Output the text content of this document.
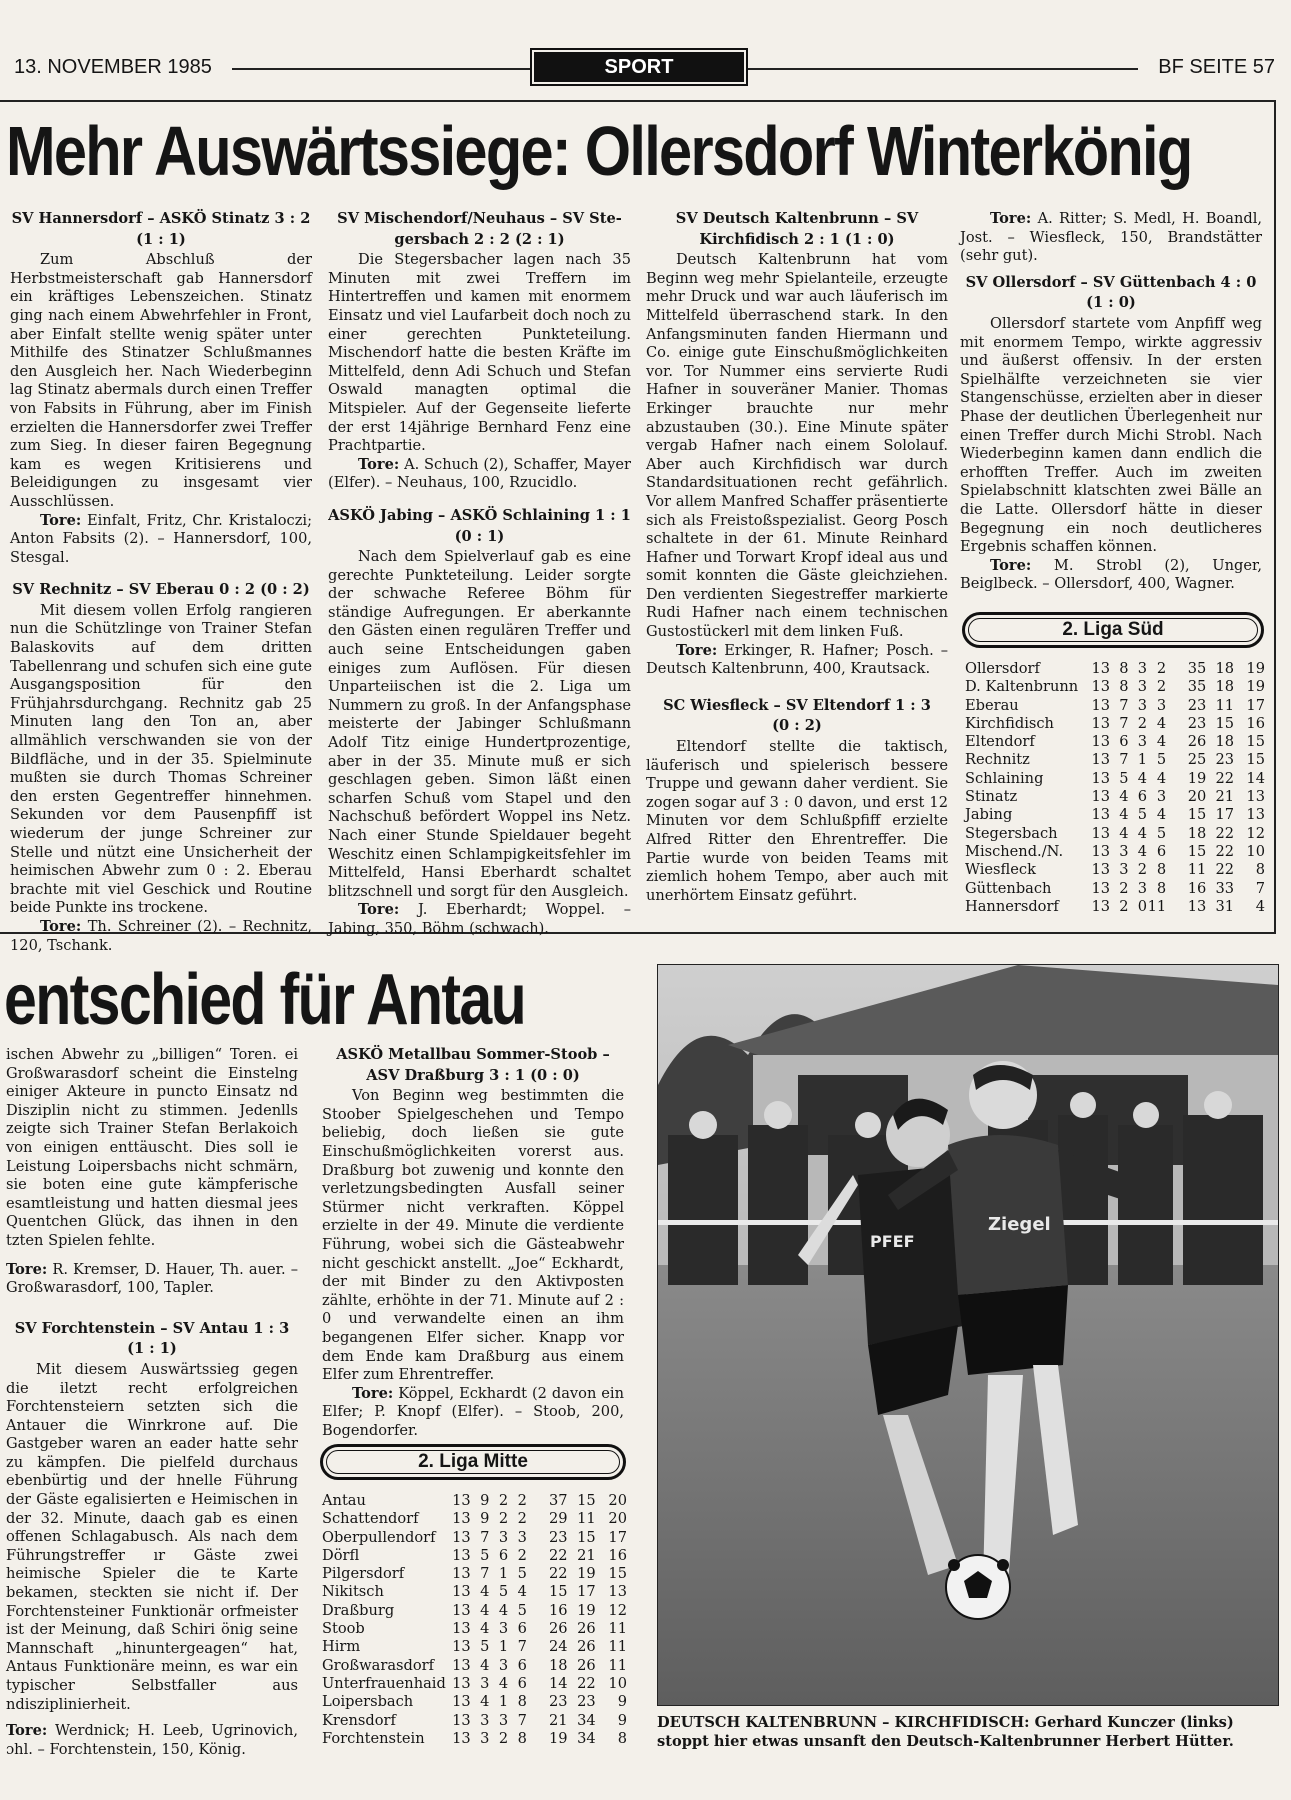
13. NOVEMBER 1985	SPORT	BF SEITE 57
Mehr Auswärtssiege: Ollersdorf Winterkönig

SV Hannersdorf – ASKÖ Stinatz 3 : 2

(1 : 1)

Zum Abschluß der Herbstmeisterschaft gab Hannersdorf ein kräftiges Lebenszeichen. Stinatz ging nach einem Abwehrfehler in Front, aber Einfalt stellte wenig später unter Mithilfe des Stinatzer Schlußmannes den Ausgleich her. Nach Wiederbeginn lag Stinatz abermals durch einen Treffer von Fabsits in Führung, aber im Finish erzielten die Hannersdorfer zwei Treffer zum Sieg. In dieser fairen Begegnung kam es wegen Kritisierens und Beleidigungen zu insgesamt vier Ausschlüssen.

Tore: Einfalt, Fritz, Chr. Kristaloczi; Anton Fabsits (2). – Hannersdorf, 100, Stesgal.

SV Rechnitz – SV Eberau 0 : 2 (0 : 2)

Mit diesem vollen Erfolg rangieren nun die Schützlinge von Trainer Stefan Balaskovits auf dem dritten Tabellenrang und schufen sich eine gute Ausgangsposition für den Frühjahrsdurchgang. Rechnitz gab 25 Minuten lang den Ton an, aber allmählich verschwanden sie von der Bildfläche, und in der 35. Spielminute mußten sie durch Thomas Schreiner den ersten Gegentreffer hinnehmen. Sekunden vor dem Pausenpfiff ist wiederum der junge Schreiner zur Stelle und nützt eine Unsicherheit der heimischen Abwehr zum 0 : 2. Eberau brachte mit viel Geschick und Routine beide Punkte ins trockene.

Tore: Th. Schreiner (2). – Rechnitz, 120, Tschank.

SV Mischendorf/Neuhaus – SV Ste-

gersbach 2 : 2 (2 : 1)

Die Stegersbacher lagen nach 35 Minuten mit zwei Treffern im Hintertreffen und kamen mit enormem Einsatz und viel Laufarbeit doch noch zu einer gerechten Punkteteilung. Mischendorf hatte die besten Kräfte im Mittelfeld, denn Adi Schuch und Stefan Oswald managten optimal die Mitspieler. Auf der Gegenseite lieferte der erst 14jährige Bernhard Fenz eine Prachtpartie.

Tore: A. Schuch (2), Schaffer, Mayer (Elfer). – Neuhaus, 100, Rzucidlo.

ASKÖ Jabing – ASKÖ Schlaining 1 : 1

(0 : 1)

Nach dem Spielverlauf gab es eine gerechte Punkteteilung. Leider sorgte der schwache Referee Böhm für ständige Aufregungen. Er aberkannte den Gästen einen regulären Treffer und auch seine Entscheidungen gaben einiges zum Auflösen. Für diesen Unparteiischen ist die 2. Liga um Nummern zu groß. In der Anfangsphase meisterte der Jabinger Schlußmann Adolf Titz einige Hundertprozentige, aber in der 35. Minute muß er sich geschlagen geben. Simon läßt einen scharfen Schuß vom Stapel und den Nachschuß befördert Woppel ins Netz. Nach einer Stunde Spieldauer begeht Weschitz einen Schlampigkeitsfehler im Mittelfeld, Hansi Eberhardt schaltet blitzschnell und sorgt für den Ausgleich.

Tore: J. Eberhardt; Woppel. – Jabing, 350, Böhm (schwach).

SV Deutsch Kaltenbrunn – SV

Kirchfidisch 2 : 1 (1 : 0)

Deutsch Kaltenbrunn hat vom Beginn weg mehr Spielanteile, erzeugte mehr Druck und war auch läuferisch im Mittelfeld überraschend stark. In den Anfangsminuten fanden Hiermann und Co. einige gute Einschußmöglichkeiten vor. Tor Nummer eins servierte Rudi Hafner in souveräner Manier. Thomas Erkinger brauchte nur mehr abzustauben (30.). Eine Minute später vergab Hafner nach einem Sololauf. Aber auch Kirchfidisch war durch Standardsituationen recht gefährlich. Vor allem Manfred Schaffer präsentierte sich als Freistoßspezialist. Georg Posch schaltete in der 61. Minute Reinhard Hafner und Torwart Kropf ideal aus und somit konnten die Gäste gleichziehen. Den verdienten Siegestreffer markierte Rudi Hafner nach einem technischen Gustostückerl mit dem linken Fuß.

Tore: Erkinger, R. Hafner; Posch. – Deutsch Kaltenbrunn, 400, Krautsack.

SC Wiesfleck – SV Eltendorf 1 : 3

(0 : 2)

Eltendorf stellte die taktisch, läuferisch und spielerisch bessere Truppe und gewann daher verdient. Sie zogen sogar auf 3 : 0 davon, und erst 12 Minuten vor dem Schlußpfiff erzielte Alfred Ritter den Ehrentreffer. Die Partie wurde von beiden Teams mit ziemlich hohem Tempo, aber auch mit unerhörtem Einsatz geführt.

Tore: A. Ritter; S. Medl, H. Boandl, Jost. – Wiesfleck, 150, Brandstätter (sehr gut).

SV Ollersdorf – SV Güttenbach 4 : 0

(1 : 0)

Ollersdorf startete vom Anpfiff weg mit enormem Tempo, wirkte aggressiv und äußerst offensiv. In der ersten Spielhälfte verzeichneten sie vier Stangenschüsse, erzielten aber in dieser Phase der deutlichen Überlegenheit nur einen Treffer durch Michi Strobl. Nach Wiederbeginn kamen dann endlich die erhofften Treffer. Auch im zweiten Spielabschnitt klatschten zwei Bälle an die Latte. Ollersdorf hätte in dieser Begegnung ein noch deutlicheres Ergebnis schaffen können.

Tore: M. Strobl (2), Unger, Beiglbeck. – Ollersdorf, 400, Wagner.

2. Liga Süd
Ollersdorf	13	8	3	2	35	18	19
D. Kaltenbrunn	13	8	3	2	35	18	19
Eberau	13	7	3	3	23	11	17
Kirchfidisch	13	7	2	4	23	15	16
Eltendorf	13	6	3	4	26	18	15
Rechnitz	13	7	1	5	25	23	15
Schlaining	13	5	4	4	19	22	14
Stinatz	13	4	6	3	20	21	13
Jabing	13	4	5	4	15	17	13
Stegersbach	13	4	4	5	18	22	12
Mischend./N.	13	3	4	6	15	22	10
Wiesfleck	13	3	2	8	11	22	8
Güttenbach	13	2	3	8	16	33	7
Hannersdorf	13	2	0	11	13	31	4
entschied für Antau

ischen Abwehr zu „billigen“ Toren. ei Großwarasdorf scheint die Einstelng einiger Akteure in puncto Einsatz nd Disziplin nicht zu stimmen. Jedenlls zeigte sich Trainer Stefan Berlakoich von einigen enttäuscht. Dies soll ie Leistung Loipersbachs nicht schmärn, sie boten eine gute kämpferische esamtleistung und hatten diesmal jees Quentchen Glück, das ihnen in den tzten Spielen fehlte.

Tore: R. Kremser, D. Hauer, Th. auer. – Großwarasdorf, 100, Tapler.

SV Forchtenstein – SV Antau 1 : 3

(1 : 1)

Mit diesem Auswärtssieg gegen die iletzt recht erfolgreichen Forchtensteiern setzten sich die Antauer die Winrkrone auf. Die Gastgeber waren an eader hatte sehr zu kämpfen. Die pielfeld durchaus ebenbürtig und der hnelle Führung der Gäste egalisierten e Heimischen in der 32. Minute, daach gab es einen offenen Schlagabusch. Als nach dem Führungstreffer ır Gäste zwei heimische Spieler die te Karte bekamen, steckten sie nicht if. Der Forchtensteiner Funktionär orfmeister ist der Meinung, daß Schiri önig seine Mannschaft „hinuntergeagen“ hat, Antaus Funktionäre meinn, es war ein typischer Selbstfaller aus ndisziplinierheit.

Tore: Werdnick; H. Leeb, Ugrinovich, ɔhl. – Forchtenstein, 150, König.

ASKÖ Metallbau Sommer-Stoob –

ASV Draßburg 3 : 1 (0 : 0)

Von Beginn weg bestimmten die Stoober Spielgeschehen und Tempo beliebig, doch ließen sie gute Einschußmöglichkeiten vorerst aus. Draßburg bot zuwenig und konnte den verletzungsbedingten Ausfall seiner Stürmer nicht verkraften. Köppel erzielte in der 49. Minute die verdiente Führung, wobei sich die Gästeabwehr nicht geschickt anstellt. „Joe“ Eckhardt, der mit Binder zu den Aktivposten zählte, erhöhte in der 71. Minute auf 2 : 0 und verwandelte einen an ihm begangenen Elfer sicher. Knapp vor dem Ende kam Draßburg aus einem Elfer zum Ehrentreffer.

Tore: Köppel, Eckhardt (2 davon ein Elfer; P. Knopf (Elfer). – Stoob, 200, Bogendorfer.

2. Liga Mitte
Antau	13	9	2	2	37	15	20
Schattendorf	13	9	2	2	29	11	20
Oberpullendorf	13	7	3	3	23	15	17
Dörfl	13	5	6	2	22	21	16
Pilgersdorf	13	7	1	5	22	19	15
Nikitsch	13	4	5	4	15	17	13
Draßburg	13	4	4	5	16	19	12
Stoob	13	4	3	6	26	26	11
Hirm	13	5	1	7	24	26	11
Großwarasdorf	13	4	3	6	18	26	11
Unterfrauenhaid	13	3	4	6	14	22	10
Loipersbach	13	4	1	8	23	23	9
Krensdorf	13	3	3	7	21	34	9
Forchtenstein	13	3	2	8	19	34	8
Ziegel
PFEF
DEUTSCH KALTENBRUNN – KIRCHFIDISCH: Gerhard Kunczer (links) stoppt hier etwas unsanft den Deutsch-Kaltenbrunner Herbert Hütter.
